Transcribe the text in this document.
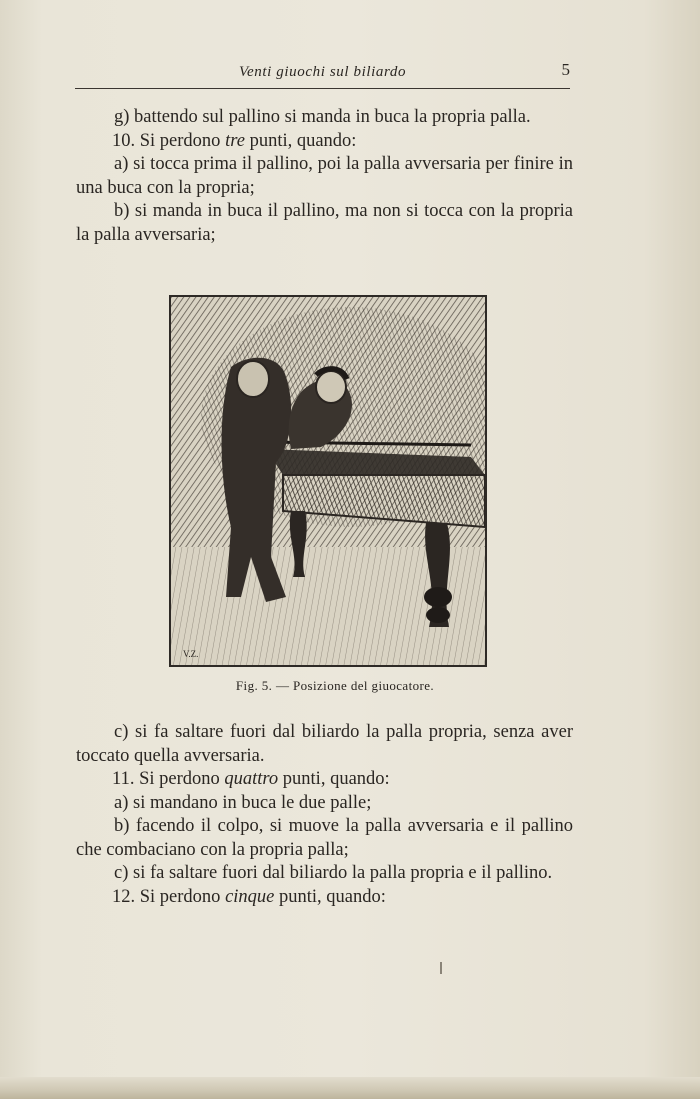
Venti giuochi sul biliardo	5

g) battendo sul pallino si manda in buca la propria palla.

10. Si perdono tre punti, quando:

a) si tocca prima il pallino, poi la palla avversaria per finire in una buca con la propria;

b) si manda in buca il pallino, ma non si tocca con la propria la palla avversaria;

V.Z.
Fig. 5. — Posizione del giuocatore.

c) si fa saltare fuori dal biliardo la palla propria, senza aver toccato quella avversaria.

11. Si perdono quattro punti, quando:

a) si mandano in buca le due palle;

b) facendo il colpo, si muove la palla avversaria e il pallino che combaciano con la propria palla;

c) si fa saltare fuori dal biliardo la palla propria e il pallino.

12. Si perdono cinque punti, quando:
